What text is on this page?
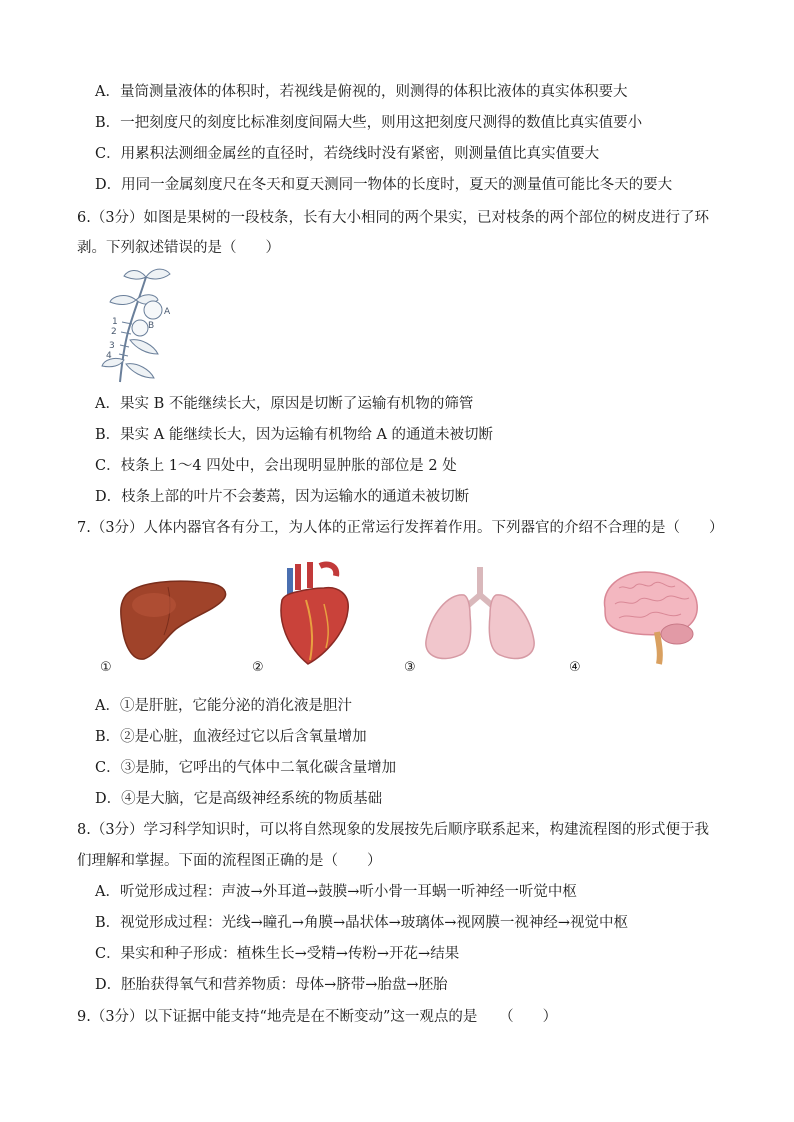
A．量筒测量液体的体积时，若视线是俯视的，则测得的体积比液体的真实体积要大
B．一把刻度尺的刻度比标准刻度间隔大些，则用这把刻度尺测得的数值比真实值要小
C．用累积法测细金属丝的直径时，若绕线时没有紧密，则测量值比真实值要大
D．用同一金属刻度尺在冬天和夏天测同一物体的长度时，夏天的测量值可能比冬天的要大
6.（3分）如图是果树的一段枝条，长有大小相同的两个果实，已对枝条的两个部位的树皮进行了环
剥。下列叙述错误的是（　　）
A
B
1
2
3
4
A．果实 B 不能继续长大，原因是切断了运输有机物的筛管
B．果实 A 能继续长大，因为运输有机物给 A 的通道未被切断
C．枝条上 1～4 四处中，会出现明显肿胀的部位是 2 处
D．枝条上部的叶片不会萎蔫，因为运输水的通道未被切断
7.（3分）人体内器官各有分工，为人体的正常运行发挥着作用。下列器官的介绍不合理的是（　　）
①	②	③	④
A．①是肝脏，它能分泌的消化液是胆汁
B．②是心脏，血液经过它以后含氧量增加
C．③是肺，它呼出的气体中二氧化碳含量增加
D．④是大脑，它是高级神经系统的物质基础
8.（3分）学习科学知识时，可以将自然现象的发展按先后顺序联系起来，构建流程图的形式便于我
们理解和掌握。下面的流程图正确的是（　　）
A．听觉形成过程：声波→外耳道→鼓膜→听小骨一耳蜗一听神经一听觉中枢
B．视觉形成过程：光线→瞳孔→角膜→晶状体→玻璃体→视网膜一视神经→视觉中枢
C．果实和种子形成：植株生长→受精→传粉→开花→结果
D．胚胎获得氧气和营养物质：母体→脐带→胎盘→胚胎
9.（3分）以下证据中能支持“地壳是在不断变动”这一观点的是　　（　　）
